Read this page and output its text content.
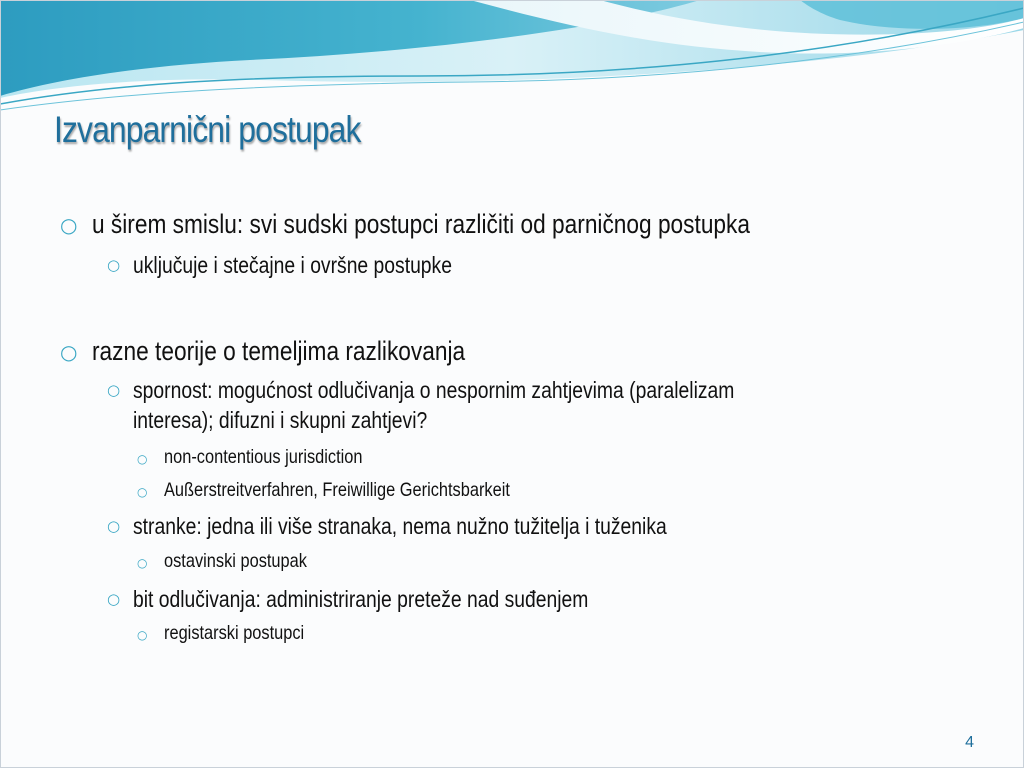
Izvanparnični postupak
○ u širem smislu: svi sudski postupci različiti od parničnog postupka
○ uključuje i stečajne i ovršne postupke
○ razne teorije o temeljima razlikovanja
○ spornost: mogućnost odlučivanja o nespornim zahtjevima (paralelizam
interesa); difuzni i skupni zahtjevi?
○ non-contentious jurisdiction
○ Außerstreitverfahren, Freiwillige Gerichtsbarkeit
○ stranke: jedna ili više stranaka, nema nužno tužitelja i tuženika
○ ostavinski postupak
○ bit odlučivanja: administriranje preteže nad suđenjem
○ registarski postupci
4
